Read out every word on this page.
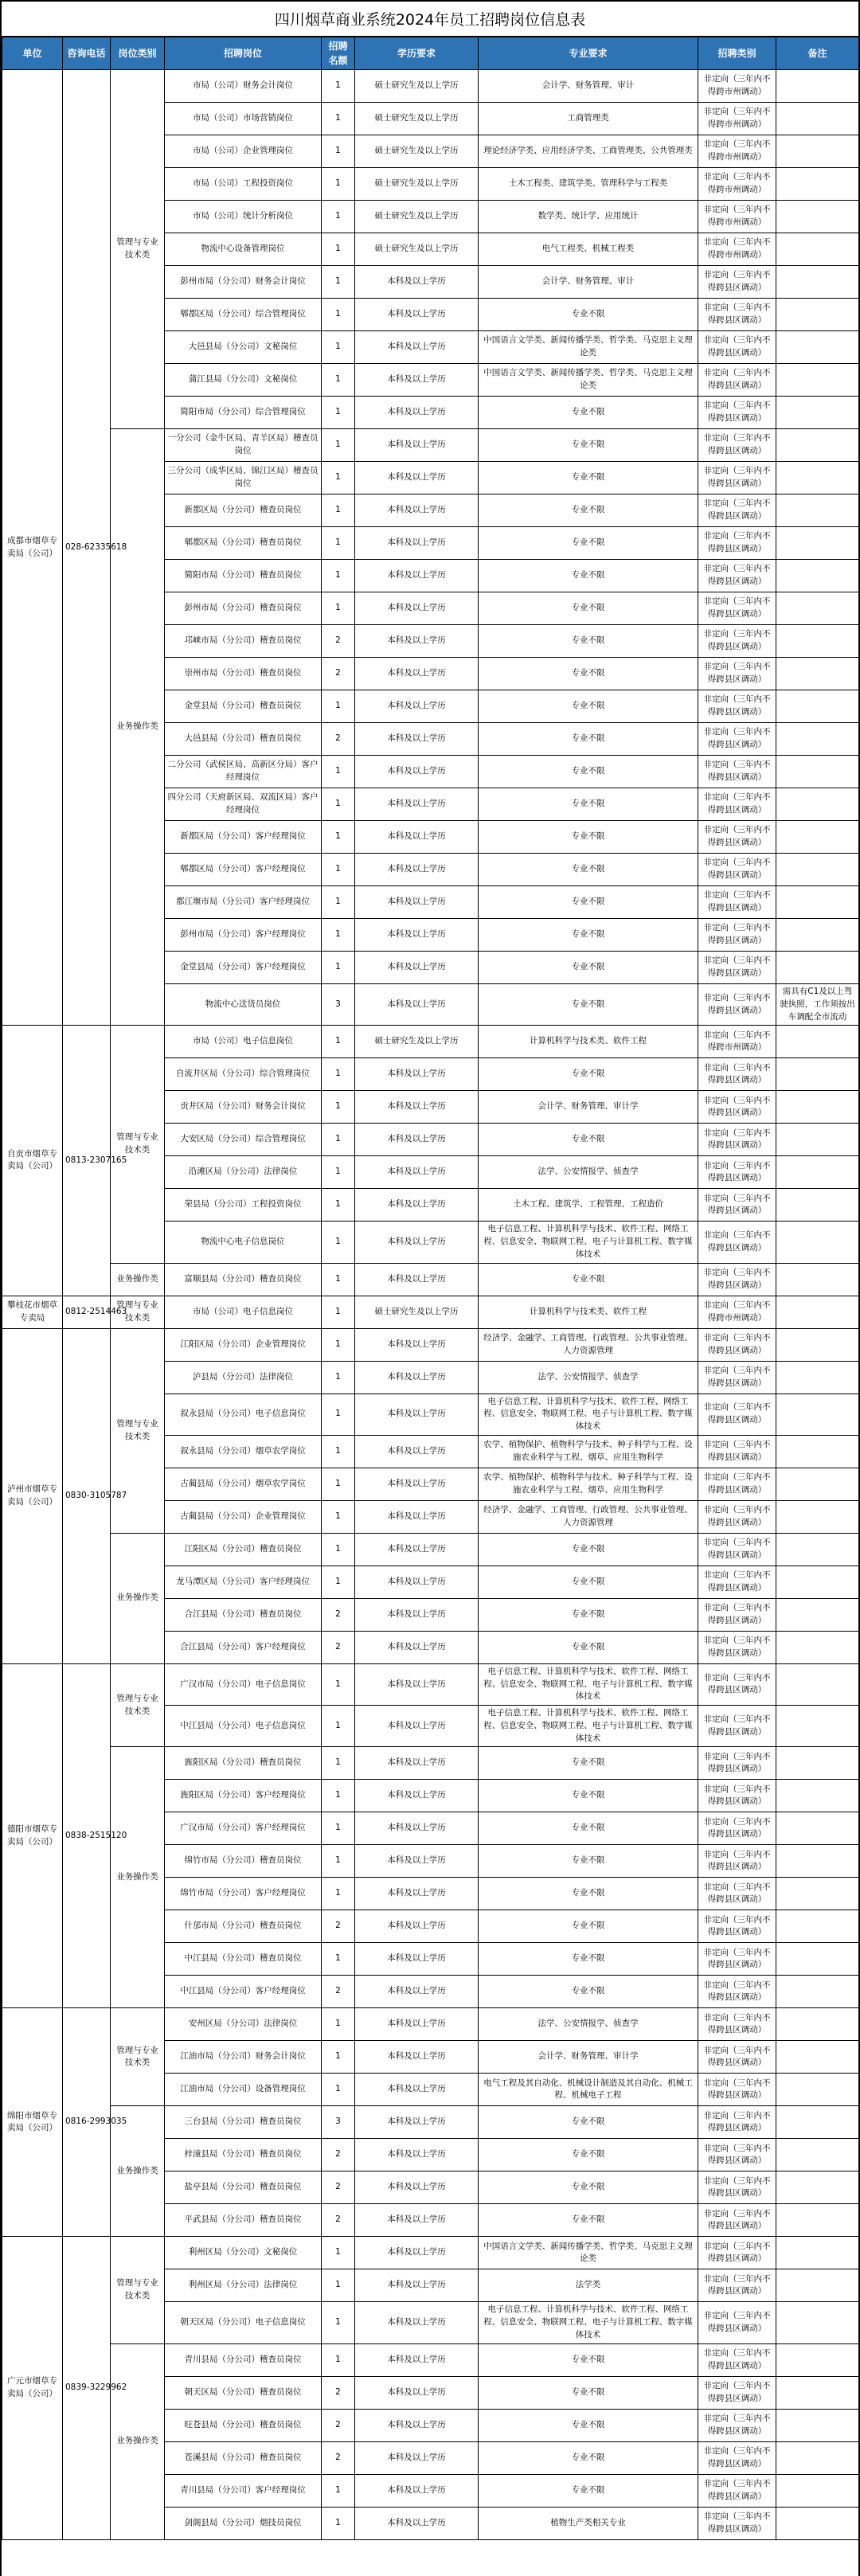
四川烟草商业系统2024年员工招聘岗位信息表
单位	咨询电话	岗位类别	招聘岗位	招聘名额	学历要求	专业要求	招聘类别	备注
成都市烟草专卖局（公司）	028-62335618	管理与专业技术类	市局（公司）财务会计岗位	1	硕士研究生及以上学历	会计学、财务管理、审计	非定向（三年内不得跨市州调动）	
			市局（公司）市场营销岗位	1	硕士研究生及以上学历	工商管理类	非定向（三年内不得跨市州调动）	
			市局（公司）企业管理岗位	1	硕士研究生及以上学历	理论经济学类、应用经济学类、工商管理类、公共管理类	非定向（三年内不得跨市州调动）	
			市局（公司）工程投资岗位	1	硕士研究生及以上学历	土木工程类、建筑学类、管理科学与工程类	非定向（三年内不得跨市州调动）	
			市局（公司）统计分析岗位	1	硕士研究生及以上学历	数学类、统计学、应用统计	非定向（三年内不得跨市州调动）	
			物流中心设备管理岗位	1	硕士研究生及以上学历	电气工程类、机械工程类	非定向（三年内不得跨市州调动）	
			彭州市局（分公司）财务会计岗位	1	本科及以上学历	会计学、财务管理、审计	非定向（三年内不得跨县区调动）	
			郫都区局（分公司）综合管理岗位	1	本科及以上学历	专业不限	非定向（三年内不得跨县区调动）	
			大邑县局（分公司）文秘岗位	1	本科及以上学历	中国语言文学类、新闻传播学类、哲学类、马克思主义理论类	非定向（三年内不得跨县区调动）	
			蒲江县局（分公司）文秘岗位	1	本科及以上学历	中国语言文学类、新闻传播学类、哲学类、马克思主义理论类	非定向（三年内不得跨县区调动）	
			简阳市局（分公司）综合管理岗位	1	本科及以上学历	专业不限	非定向（三年内不得跨县区调动）	
		业务操作类	一分公司（金牛区局、青羊区局）稽查员岗位	1	本科及以上学历	专业不限	非定向（三年内不得跨县区调动）	
			三分公司（成华区局、锦江区局）稽查员岗位	1	本科及以上学历	专业不限	非定向（三年内不得跨县区调动）	
			新都区局（分公司）稽查员岗位	1	本科及以上学历	专业不限	非定向（三年内不得跨县区调动）	
			郫都区局（分公司）稽查员岗位	1	本科及以上学历	专业不限	非定向（三年内不得跨县区调动）	
			简阳市局（分公司）稽查员岗位	1	本科及以上学历	专业不限	非定向（三年内不得跨县区调动）	
			彭州市局（分公司）稽查员岗位	1	本科及以上学历	专业不限	非定向（三年内不得跨县区调动）	
			邛崃市局（分公司）稽查员岗位	2	本科及以上学历	专业不限	非定向（三年内不得跨县区调动）	
			崇州市局（分公司）稽查员岗位	2	本科及以上学历	专业不限	非定向（三年内不得跨县区调动）	
			金堂县局（分公司）稽查员岗位	1	本科及以上学历	专业不限	非定向（三年内不得跨县区调动）	
			大邑县局（分公司）稽查员岗位	2	本科及以上学历	专业不限	非定向（三年内不得跨县区调动）	
			二分公司（武侯区局、高新区分局）客户经理岗位	1	本科及以上学历	专业不限	非定向（三年内不得跨县区调动）	
			四分公司（天府新区局、双流区局）客户经理岗位	1	本科及以上学历	专业不限	非定向（三年内不得跨县区调动）	
			新都区局（分公司）客户经理岗位	1	本科及以上学历	专业不限	非定向（三年内不得跨县区调动）	
			郫都区局（分公司）客户经理岗位	1	本科及以上学历	专业不限	非定向（三年内不得跨县区调动）	
			都江堰市局（分公司）客户经理岗位	1	本科及以上学历	专业不限	非定向（三年内不得跨县区调动）	
			彭州市局（分公司）客户经理岗位	1	本科及以上学历	专业不限	非定向（三年内不得跨县区调动）	
			金堂县局（分公司）客户经理岗位	1	本科及以上学历	专业不限	非定向（三年内不得跨县区调动）	
			物流中心送货员岗位	3	本科及以上学历	专业不限	非定向（三年内不得跨县区调动）	需具有C1及以上驾驶执照，工作须按出车调配全市流动
自贡市烟草专卖局（公司）	0813-2307165	管理与专业技术类	市局（公司）电子信息岗位	1	硕士研究生及以上学历	计算机科学与技术类、软件工程	非定向（三年内不得跨市州调动）	
			自流井区局（分公司）综合管理岗位	1	本科及以上学历	专业不限	非定向（三年内不得跨县区调动）	
			贡井区局（分公司）财务会计岗位	1	本科及以上学历	会计学、财务管理、审计学	非定向（三年内不得跨县区调动）	
			大安区局（分公司）综合管理岗位	1	本科及以上学历	专业不限	非定向（三年内不得跨县区调动）	
			沿滩区局（分公司）法律岗位	1	本科及以上学历	法学、公安情报学、侦查学	非定向（三年内不得跨县区调动）	
			荣县局（分公司）工程投资岗位	1	本科及以上学历	土木工程、建筑学、工程管理、工程造价	非定向（三年内不得跨县区调动）	
			物流中心电子信息岗位	1	本科及以上学历	电子信息工程、计算机科学与技术、软件工程、网络工程、信息安全、物联网工程、电子与计算机工程、数字媒体技术	非定向（三年内不得跨县区调动）	
		业务操作类	富顺县局（分公司）稽查员岗位	1	本科及以上学历	专业不限	非定向（三年内不得跨县区调动）	
攀枝花市烟草专卖局	0812-2514463	管理与专业技术类	市局（公司）电子信息岗位	1	硕士研究生及以上学历	计算机科学与技术类、软件工程	非定向（三年内不得跨市州调动）	
泸州市烟草专卖局（公司）	0830-3105787	管理与专业技术类	江阳区局（分公司）企业管理岗位	1	本科及以上学历	经济学、金融学、工商管理、行政管理、公共事业管理、人力资源管理	非定向（三年内不得跨县区调动）	
			泸县局（分公司）法律岗位	1	本科及以上学历	法学、公安情报学、侦查学	非定向（三年内不得跨县区调动）	
			叙永县局（分公司）电子信息岗位	1	本科及以上学历	电子信息工程、计算机科学与技术、软件工程、网络工程、信息安全、物联网工程、电子与计算机工程、数字媒体技术	非定向（三年内不得跨县区调动）	
			叙永县局（分公司）烟草农学岗位	1	本科及以上学历	农学、植物保护、植物科学与技术、种子科学与工程、设施农业科学与工程、烟草、应用生物科学	非定向（三年内不得跨县区调动）	
			古蔺县局（分公司）烟草农学岗位	1	本科及以上学历	农学、植物保护、植物科学与技术、种子科学与工程、设施农业科学与工程、烟草、应用生物科学	非定向（三年内不得跨县区调动）	
			古蔺县局（分公司）企业管理岗位	1	本科及以上学历	经济学、金融学、工商管理、行政管理、公共事业管理、人力资源管理	非定向（三年内不得跨县区调动）	
		业务操作类	江阳区局（分公司）稽查员岗位	1	本科及以上学历	专业不限	非定向（三年内不得跨县区调动）	
			龙马潭区局（分公司）客户经理岗位	1	本科及以上学历	专业不限	非定向（三年内不得跨县区调动）	
			合江县局（分公司）稽查员岗位	2	本科及以上学历	专业不限	非定向（三年内不得跨县区调动）	
			合江县局（分公司）客户经理岗位	2	本科及以上学历	专业不限	非定向（三年内不得跨县区调动）	
德阳市烟草专卖局（公司）	0838-2515120	管理与专业技术类	广汉市局（分公司）电子信息岗位	1	本科及以上学历	电子信息工程、计算机科学与技术、软件工程、网络工程、信息安全、物联网工程、电子与计算机工程、数字媒体技术	非定向（三年内不得跨县区调动）	
			中江县局（分公司）电子信息岗位	1	本科及以上学历	电子信息工程、计算机科学与技术、软件工程、网络工程、信息安全、物联网工程、电子与计算机工程、数字媒体技术	非定向（三年内不得跨县区调动）	
		业务操作类	旌阳区局（分公司）稽查员岗位	1	本科及以上学历	专业不限	非定向（三年内不得跨县区调动）	
			旌阳区局（分公司）客户经理岗位	1	本科及以上学历	专业不限	非定向（三年内不得跨县区调动）	
			广汉市局（分公司）客户经理岗位	1	本科及以上学历	专业不限	非定向（三年内不得跨县区调动）	
			绵竹市局（分公司）稽查员岗位	1	本科及以上学历	专业不限	非定向（三年内不得跨县区调动）	
			绵竹市局（分公司）客户经理岗位	1	本科及以上学历	专业不限	非定向（三年内不得跨县区调动）	
			什邡市局（分公司）稽查员岗位	2	本科及以上学历	专业不限	非定向（三年内不得跨县区调动）	
			中江县局（分公司）稽查员岗位	1	本科及以上学历	专业不限	非定向（三年内不得跨县区调动）	
			中江县局（分公司）客户经理岗位	2	本科及以上学历	专业不限	非定向（三年内不得跨县区调动）	
绵阳市烟草专卖局（公司）	0816-2993035	管理与专业技术类	安州区局（分公司）法律岗位	1	本科及以上学历	法学、公安情报学、侦查学	非定向（三年内不得跨县区调动）	
			江油市局（分公司）财务会计岗位	1	本科及以上学历	会计学、财务管理、审计学	非定向（三年内不得跨县区调动）	
			江油市局（分公司）设备管理岗位	1	本科及以上学历	电气工程及其自动化、机械设计制造及其自动化、机械工程、机械电子工程	非定向（三年内不得跨县区调动）	
		业务操作类	三台县局（分公司）稽查员岗位	3	本科及以上学历	专业不限	非定向（三年内不得跨县区调动）	
			梓潼县局（分公司）稽查员岗位	2	本科及以上学历	专业不限	非定向（三年内不得跨县区调动）	
			盐亭县局（分公司）稽查员岗位	2	本科及以上学历	专业不限	非定向（三年内不得跨县区调动）	
			平武县局（分公司）稽查员岗位	2	本科及以上学历	专业不限	非定向（三年内不得跨县区调动）	
广元市烟草专卖局（公司）	0839-3229962	管理与专业技术类	利州区局（分公司）文秘岗位	1	本科及以上学历	中国语言文学类、新闻传播学类、哲学类、马克思主义理论类	非定向（三年内不得跨县区调动）	
			利州区局（分公司）法律岗位	1	本科及以上学历	法学类	非定向（三年内不得跨县区调动）	
			朝天区局（分公司）电子信息岗位	1	本科及以上学历	电子信息工程、计算机科学与技术、软件工程、网络工程、信息安全、物联网工程、电子与计算机工程、数字媒体技术	非定向（三年内不得跨县区调动）	
		业务操作类	青川县局（分公司）稽查员岗位	1	本科及以上学历	专业不限	非定向（三年内不得跨县区调动）	
			朝天区局（分公司）稽查员岗位	2	本科及以上学历	专业不限	非定向（三年内不得跨县区调动）	
			旺苍县局（分公司）稽查员岗位	2	本科及以上学历	专业不限	非定向（三年内不得跨县区调动）	
			苍溪县局（分公司）稽查员岗位	2	本科及以上学历	专业不限	非定向（三年内不得跨县区调动）	
			青川县局（分公司）客户经理岗位	1	本科及以上学历	专业不限	非定向（三年内不得跨县区调动）	
			剑阁县局（分公司）烟技员岗位	1	本科及以上学历	植物生产类相关专业	非定向（三年内不得跨县区调动）	
